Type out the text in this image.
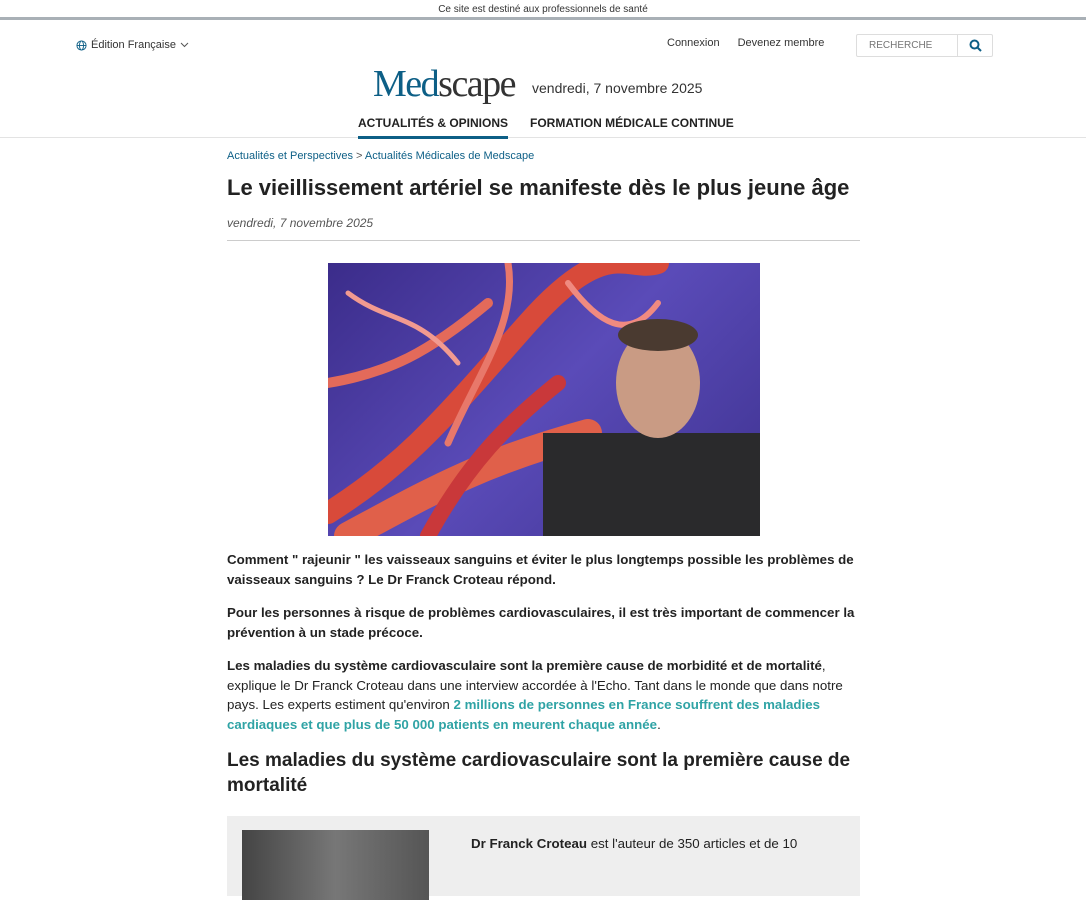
Ce site est destiné aux professionnels de santé
Édition Française	Connexion Devenez membre
RECHERCHE
Medscape vendredi, 7 novembre 2025
ACTUALITÉS & OPINIONS FORMATION MÉDICALE CONTINUE
Actualités et Perspectives > Actualités Médicales de Medscape
Le vieillissement artériel se manifeste dès le plus jeune âge
vendredi, 7 novembre 2025

Comment " rajeunir " les vaisseaux sanguins et éviter le plus longtemps possible les problèmes de vaisseaux sanguins ? Le Dr Franck Croteau répond.

Pour les personnes à risque de problèmes cardiovasculaires, il est très important de commencer la prévention à un stade précoce.

Les maladies du système cardiovasculaire sont la première cause de morbidité et de mortalité, explique le Dr Franck Croteau dans une interview accordée à l'Echo. Tant dans le monde que dans notre pays. Les experts estiment qu'environ 2 millions de personnes en France souffrent des maladies cardiaques et que plus de 50 000 patients en meurent chaque année.

Les maladies du système cardiovasculaire sont la première cause de mortalité

Dr Franck Croteau est l'auteur de 350 articles et de 10
